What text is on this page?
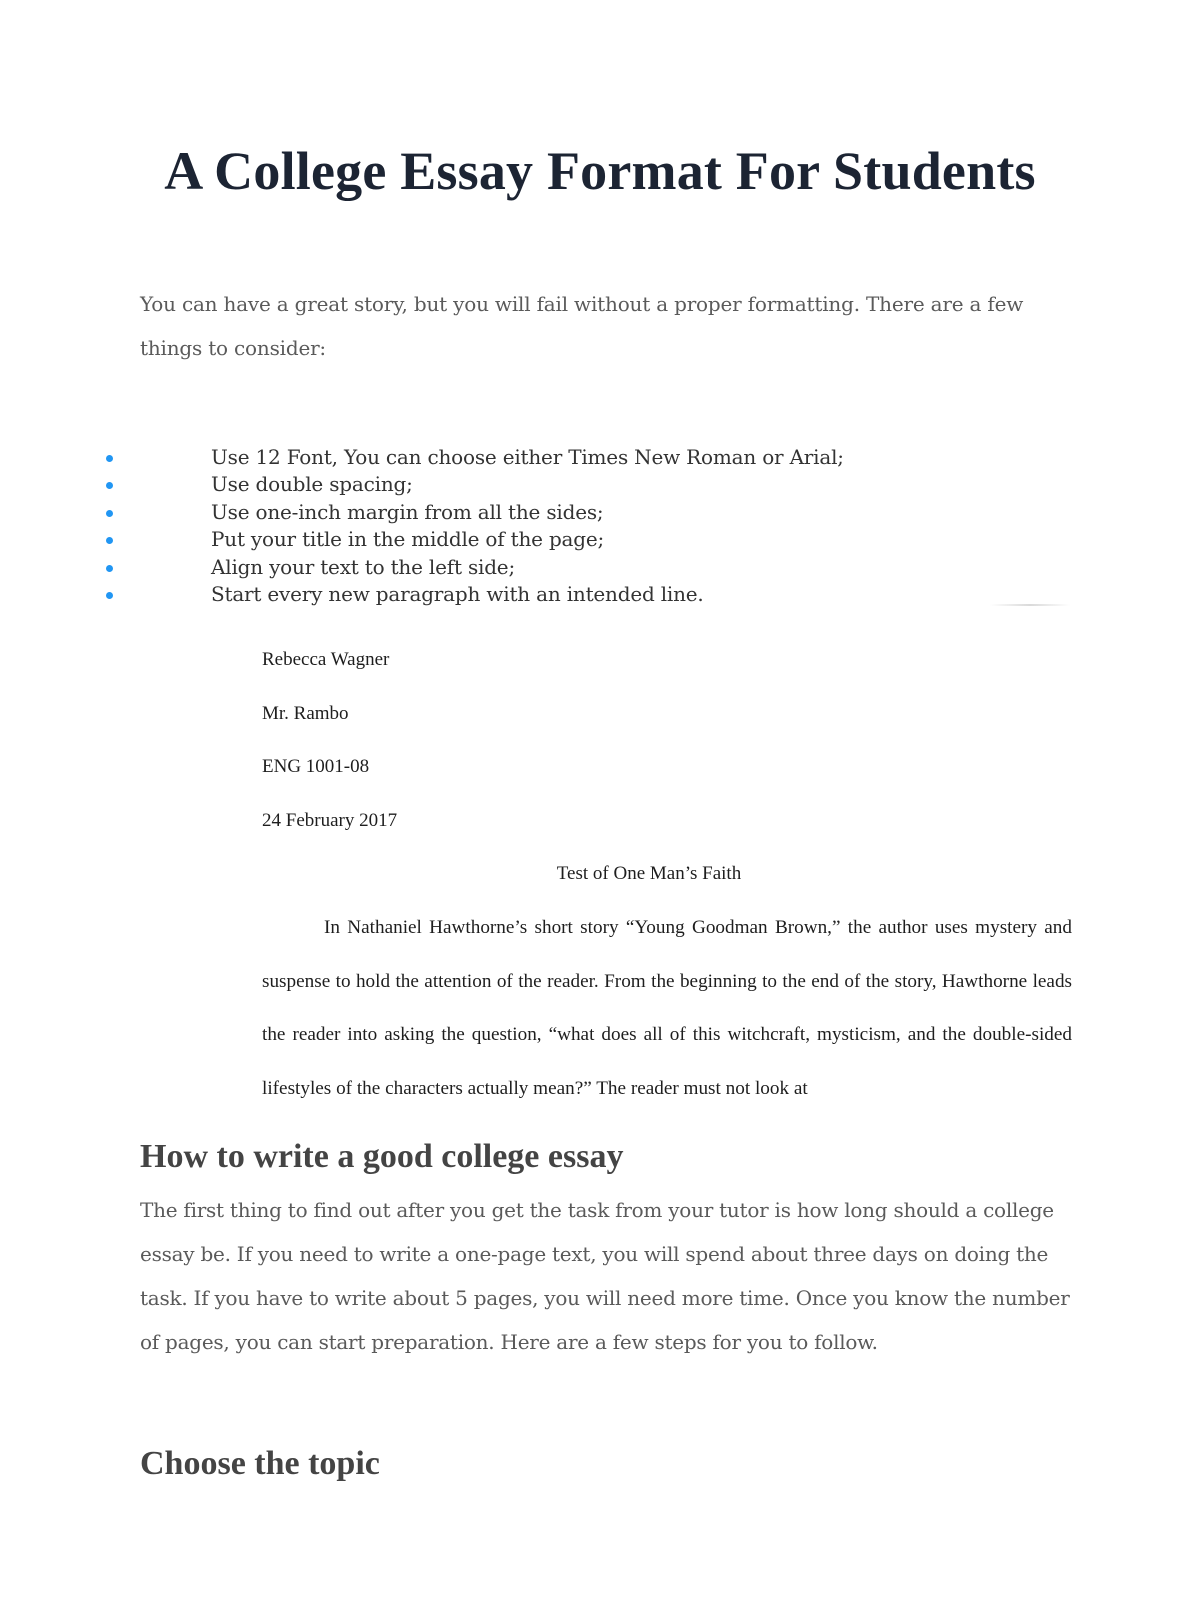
A College Essay Format For Students

You can have a great story, but you will fail without a proper formatting. There are a few things to consider:

Use 12 Font, You can choose either Times New Roman or Arial;
Use double spacing;
Use one-inch margin from all the sides;
Put your title in the middle of the page;
Align your text to the left side;
Start every new paragraph with an intended line.
Rebecca Wagner
Mr. Rambo
ENG 1001-08
24 February 2017
Test of One Man’s Faith

In Nathaniel Hawthorne’s short story “Young Goodman Brown,” the author uses mystery and suspense to hold the attention of the reader. From the beginning to the end of the story, Hawthorne leads the reader into asking the question, “what does all of this witchcraft, mysticism, and the double-sided lifestyles of the characters actually mean?” The reader must not look at

How to write a good college essay

The first thing to find out after you get the task from your tutor is how long should a college essay be. If you need to write a one-page text, you will spend about three days on doing the task. If you have to write about 5 pages, you will need more time. Once you know the number of pages, you can start preparation. Here are a few steps for you to follow.

Choose the topic
